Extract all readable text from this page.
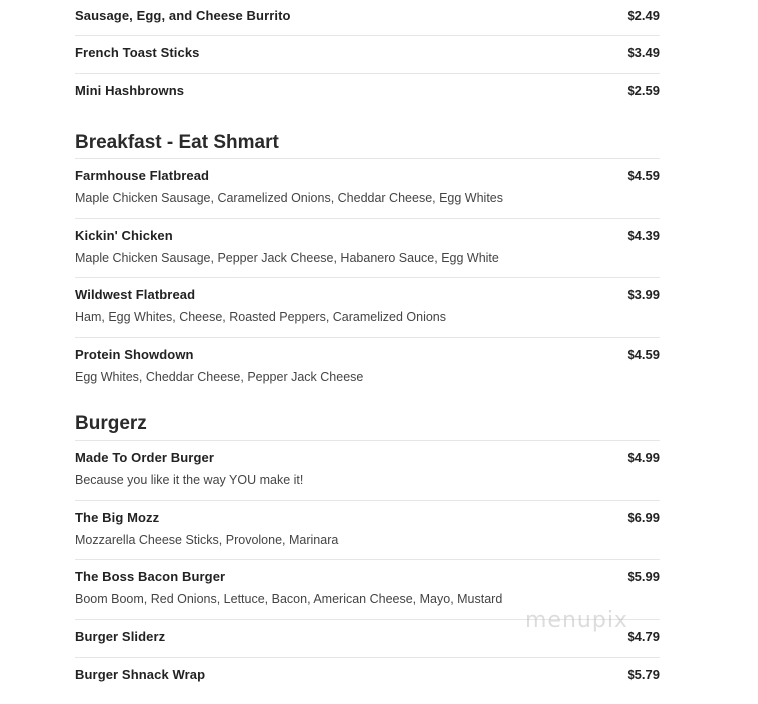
Sausage, Egg, and Cheese Burrito	$2.49
French Toast Sticks	$3.49
Mini Hashbrowns	$2.59
Breakfast - Eat Shmart
Farmhouse Flatbread	$4.59
Maple Chicken Sausage, Caramelized Onions, Cheddar Cheese, Egg Whites
Kickin' Chicken	$4.39
Maple Chicken Sausage, Pepper Jack Cheese, Habanero Sauce, Egg White
Wildwest Flatbread	$3.99
Ham, Egg Whites, Cheese, Roasted Peppers, Caramelized Onions
Protein Showdown	$4.59
Egg Whites, Cheddar Cheese, Pepper Jack Cheese
Burgerz
Made To Order Burger	$4.99
Because you like it the way YOU make it!
The Big Mozz	$6.99
Mozzarella Cheese Sticks, Provolone, Marinara
The Boss Bacon Burger	$5.99
Boom Boom, Red Onions, Lettuce, Bacon, American Cheese, Mayo, Mustard
Burger Sliderz	$4.79
Burger Shnack Wrap	$5.79
menupix
